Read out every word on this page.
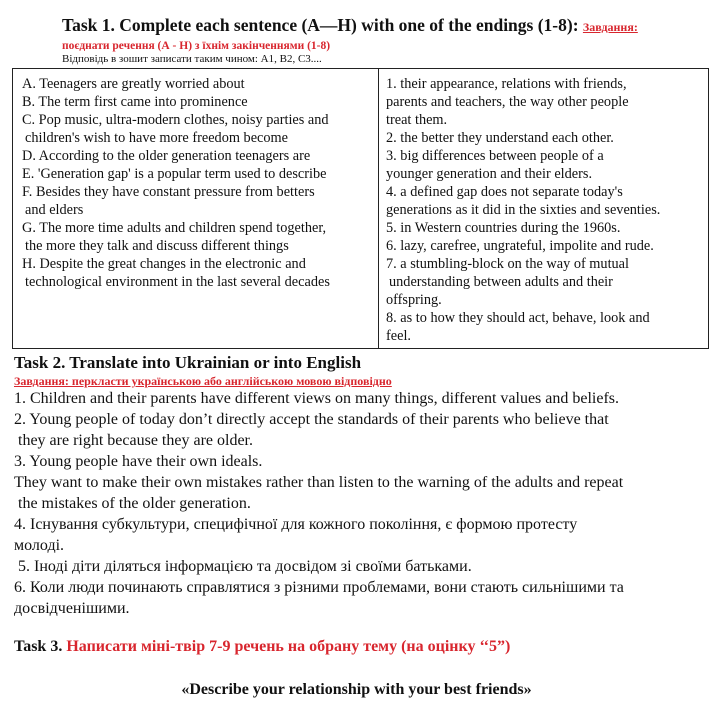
Task 1. Complete each sentence (A—H) with one of the endings (1-8): Завдання:
поєднати речення (А - Н) з їхнім закінченнями (1-8)
Відповідь в зошит записати таким чином: А1, В2, С3....
A. Teenagers are greatly worried about
B. The term first came into prominence
C. Pop music, ultra-modern clothes, noisy parties and
children's wish to have more freedom become
D. According to the older generation teenagers are
E. 'Generation gap' is a popular term used to describe
F. Besides they have constant pressure from betters
and elders
G. The more time adults and children spend together,
the more they talk and discuss different things
H. Despite the great changes in the electronic and
technological environment in the last several decades
1. their appearance, relations with friends,
parents and teachers, the way other people
treat them.
2. the better they understand each other.
3. big differences between people of a
younger generation and their elders.
4. a defined gap does not separate today's
generations as it did in the sixties and seventies.
5. in Western countries during the 1960s.
6. lazy, carefree, ungrateful, impolite and rude.
7. a stumbling-block on the way of mutual
understanding between adults and their
offspring.
8. as to how they should act, behave, look and
feel.
Task 2. Translate into Ukrainian or into English
Завдання: перкласти українською або англійською мовою відповідно
1. Children and their parents have different views on many things, different values and beliefs.
2. Young people of today don’t directly accept the standards of their parents who believe that
they are right because they are older.
3. Young people have their own ideals.
They want to make their own mistakes rather than listen to the warning of the adults and repeat
the mistakes of the older generation.
4. Існування субкультури, специфічної для кожного покоління, є формою протесту
молоді.
5. Іноді діти діляться інформацією та досвідом зі своїми батьками.
6. Коли люди починають справлятися з різними проблемами, вони стають сильнішими та
досвідченішими.
Task 3. Написати міні-твір 7-9 речень на обрану тему (на оцінку ‘‘5”)
«Describe your relationship with your best friends»
